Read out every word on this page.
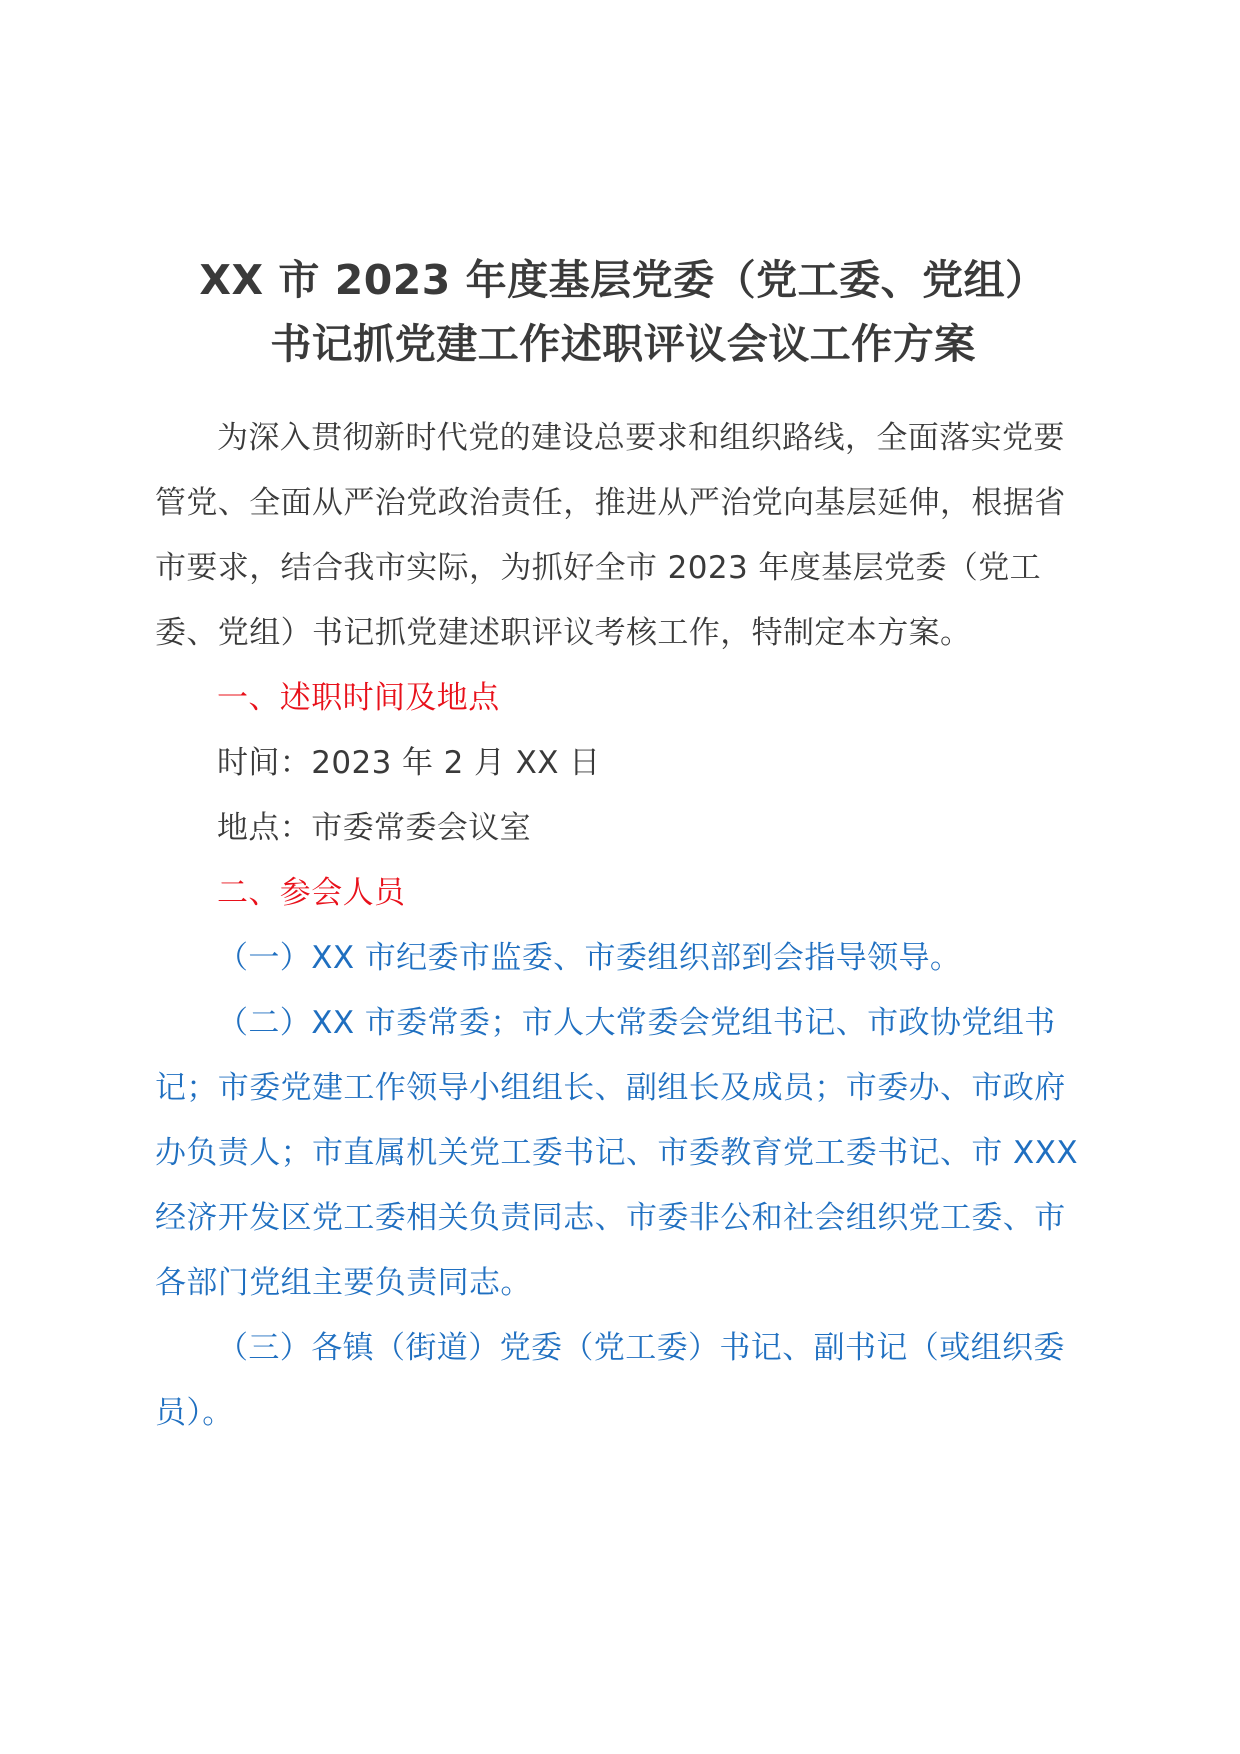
XX 市 2023 年度基层党委（党工委、党组）
书记抓党建工作述职评议会议工作方案

为深入贯彻新时代党的建设总要求和组织路线，全面落实党要管党、全面从严治党政治责任，推进从严治党向基层延伸，根据省市要求，结合我市实际，为抓好全市 2023 年度基层党委（党工委、党组）书记抓党建述职评议考核工作，特制定本方案。

一、述职时间及地点

时间：2023 年 2 月 XX 日

地点：市委常委会议室

二、参会人员

（一）XX 市纪委市监委、市委组织部到会指导领导。

（二）XX 市委常委；市人大常委会党组书记、市政协党组书记；市委党建工作领导小组组长、副组长及成员；市委办、市政府办负责人；市直属机关党工委书记、市委教育党工委书记、市 XXX 经济开发区党工委相关负责同志、市委非公和社会组织党工委、市各部门党组主要负责同志。

（三）各镇（街道）党委（党工委）书记、副书记（或组织委员）。
